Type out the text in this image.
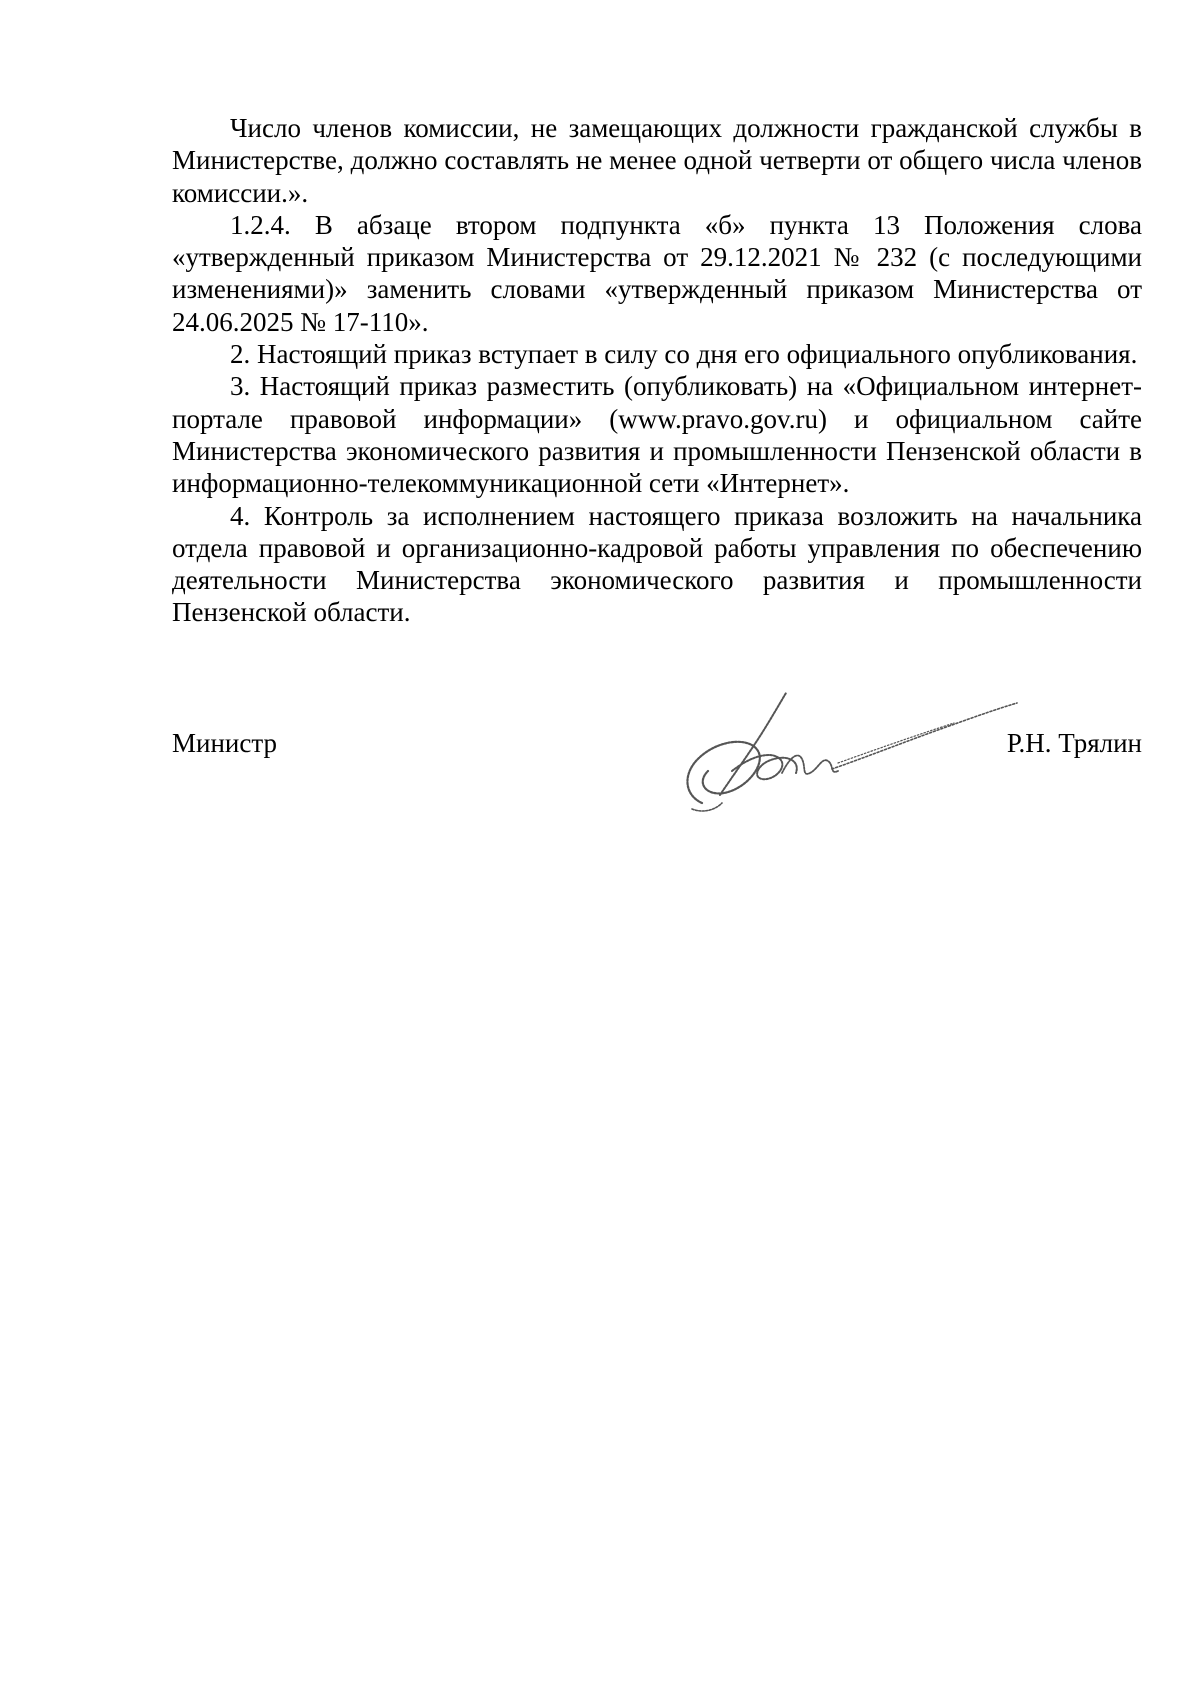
Число членов комиссии, не замещающих должности гражданской службы в Министерстве, должно составлять не менее одной четверти от общего числа членов комиссии.».

1.2.4. В абзаце втором подпункта «б» пункта 13 Положения слова «утвержденный приказом Министерства от 29.12.2021 № 232 (с последующими изменениями)» заменить словами «утвержденный приказом Министерства от 24.06.2025 № 17-110».

2. Настоящий приказ вступает в силу со дня его официального опубликования.

3. Настоящий приказ разместить (опубликовать) на «Официальном интернет-портале правовой информации» (www.pravo.gov.ru) и официальном сайте Министерства экономического развития и промышленности Пензенской области в информационно-телекоммуникационной сети «Интернет».

4. Контроль за исполнением настоящего приказа возложить на начальника отдела правовой и организационно-кадровой работы управления по обеспечению деятельности Министерства экономического развития и промышленности Пензенской области.

Министр	Р.Н. Трялин
